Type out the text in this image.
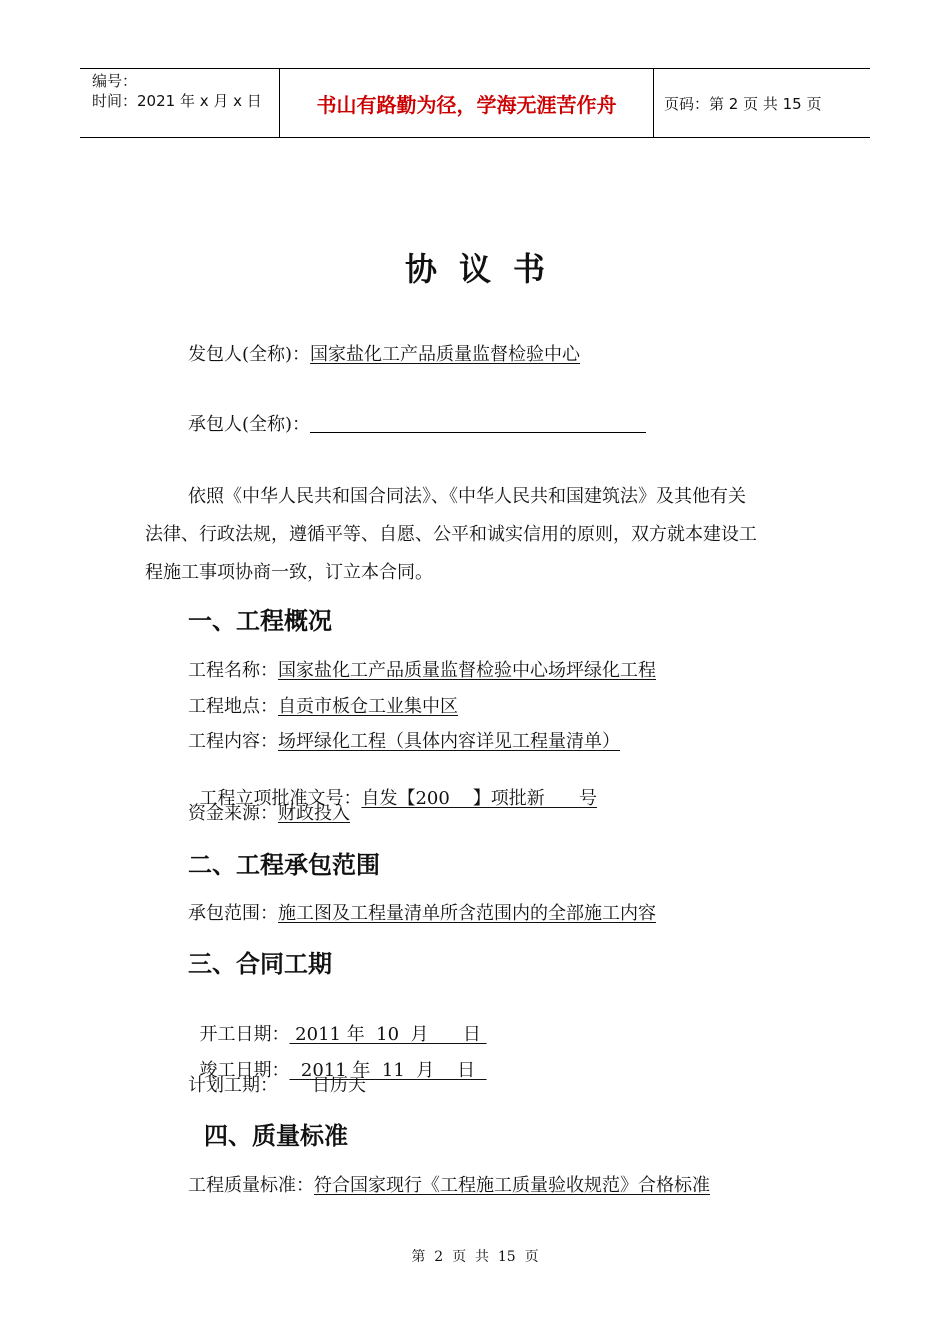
编号：
时间：2021 年 x 月 x 日	书山有路勤为径，学海无涯苦作舟	页码：第 2 页 共 15 页
协议书
发包人(全称)：国家盐化工产品质量监督检验中心
承包人(全称)：

依照《中华人民共和国合同法》、《中华人民共和国建筑法》及其他有关

法律、行政法规，遵循平等、自愿、公平和诚实信用的原则，双方就本建设工

程施工事项协商一致，订立本合同。

一、工程概况
工程名称：国家盐化工产品质量监督检验中心场坪绿化工程
工程地点：自贡市板仓工业集中区
工程内容：场坪绿化工程（具体内容详见工程量清单）

工程立项批准文号：自发【200    】项批新      号

资金来源：财政投入
二、工程承包范围
承包范围：施工图及工程量清单所含范围内的全部施工内容
三、合同工期

开工日期： 2011 年  10  月      日

竣工日期：  2011 年  11  月    日

计划工期： 日历天
四、质量标准
工程质量标准：符合国家现行《工程施工质量验收规范》合格标准
第  2  页  共  15  页
